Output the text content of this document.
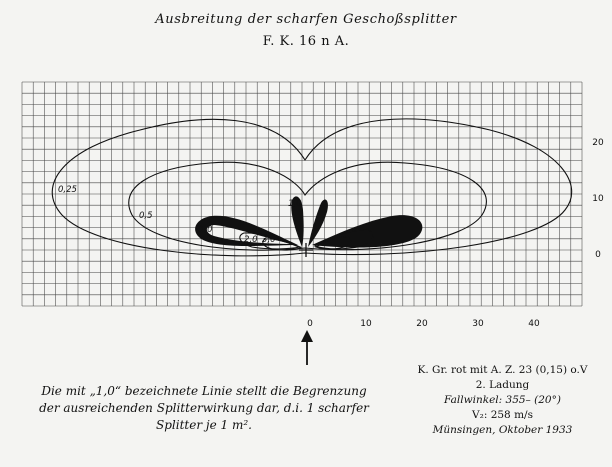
Ausbreitung der scharfen Geschoßsplitter
F. K. 16 n A.
0,25
0,5
1,0
2,0 3,0
1,0
0	10	20	30	40
20
10
0
Die mit „1,0“ bezeichnete Linie stellt die Begrenzung
der ausreichenden Splitterwirkung dar, d.i. 1 scharfer
Splitter je 1 m².
K. Gr. rot mit A. Z. 23 (0,15) o.V
2. Ladung
Fallwinkel: 355– (20°)
V₂: 258 m/s
Münsingen, Oktober 1933
